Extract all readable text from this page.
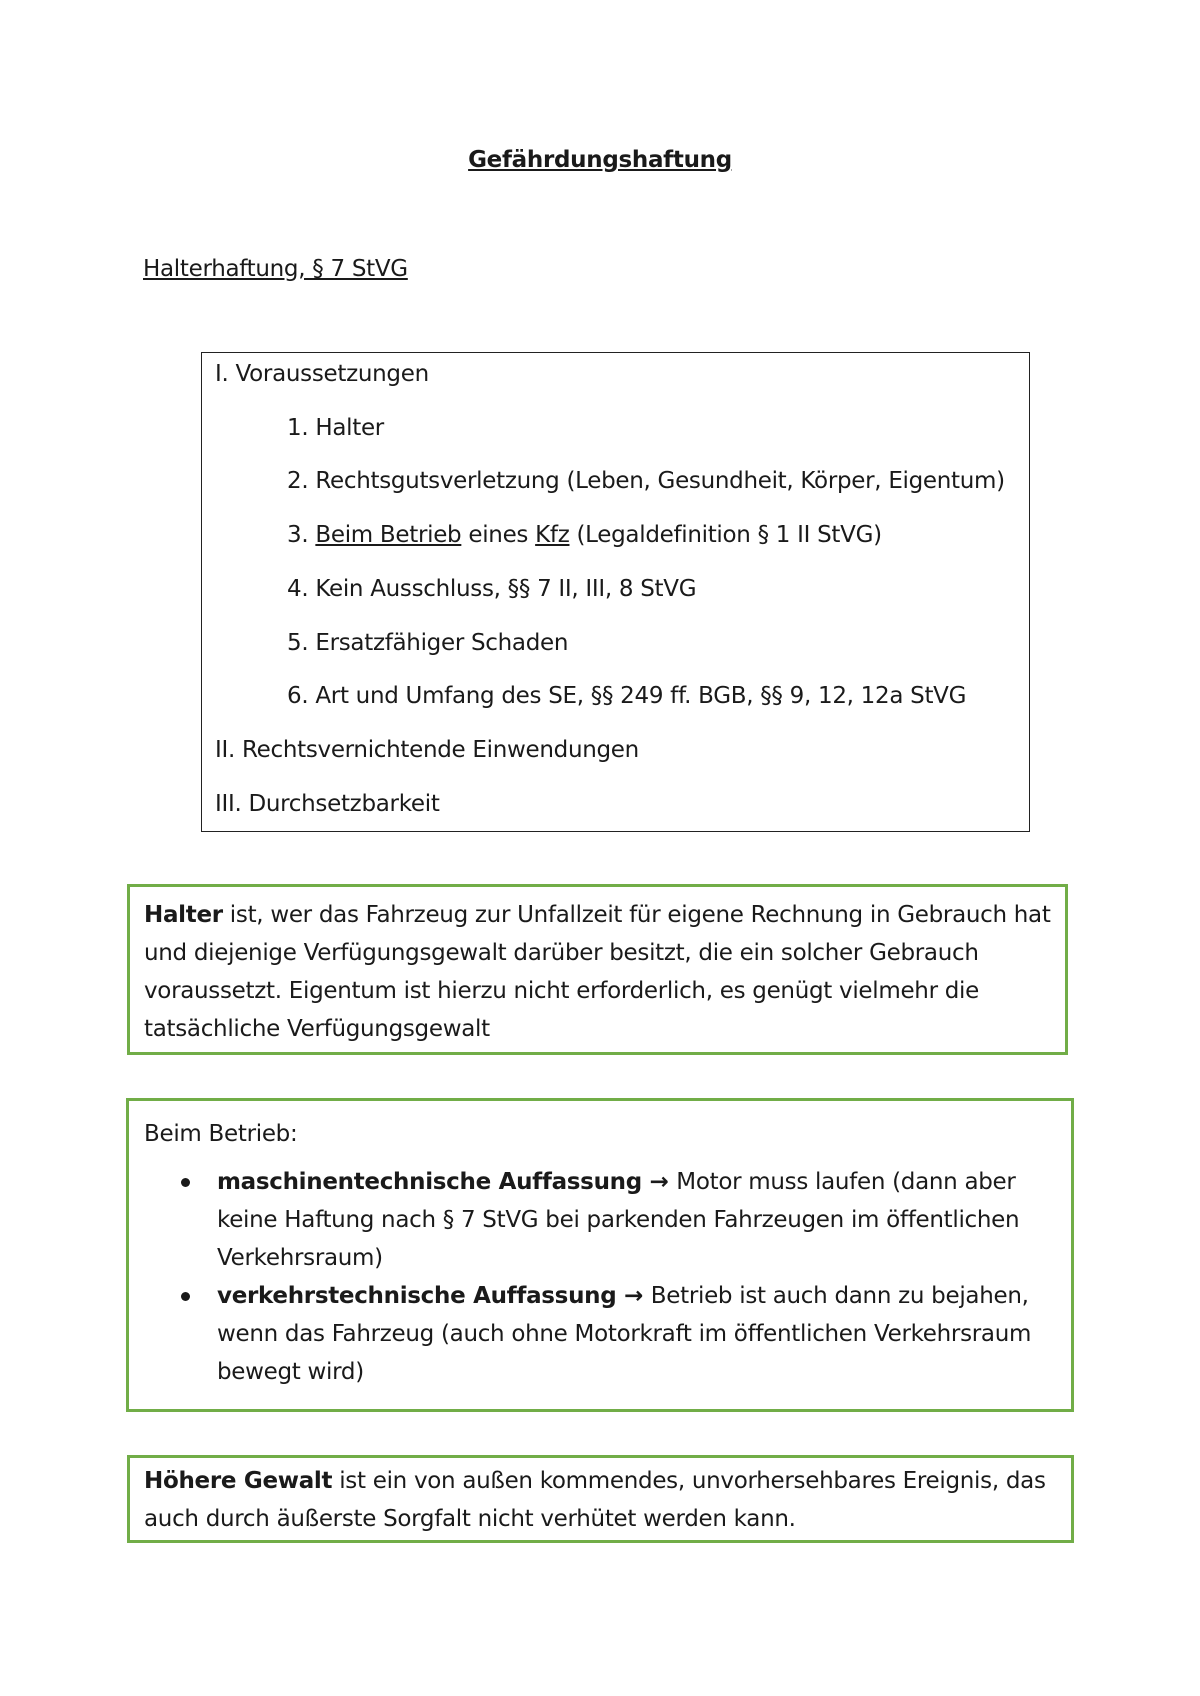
Gefährdungshaftung
Halterhaftung, § 7 StVG
I. Voraussetzungen
1. Halter
2. Rechtsgutsverletzung (Leben, Gesundheit, Körper, Eigentum)
3. Beim Betrieb eines Kfz (Legaldefinition § 1 II StVG)
4. Kein Ausschluss, §§ 7 II, III, 8 StVG
5. Ersatzfähiger Schaden
6. Art und Umfang des SE, §§ 249 ff. BGB, §§ 9, 12, 12a StVG
II. Rechtsvernichtende Einwendungen
III. Durchsetzbarkeit
Halter ist, wer das Fahrzeug zur Unfallzeit für eigene Rechnung in Gebrauch hat
und diejenige Verfügungsgewalt darüber besitzt, die ein solcher Gebrauch
voraussetzt. Eigentum ist hierzu nicht erforderlich, es genügt vielmehr die
tatsächliche Verfügungsgewalt
Beim Betrieb:
maschinentechnische Auffassung → Motor muss laufen (dann aber
keine Haftung nach § 7 StVG bei parkenden Fahrzeugen im öffentlichen
Verkehrsraum)
verkehrstechnische Auffassung → Betrieb ist auch dann zu bejahen,
wenn das Fahrzeug (auch ohne Motorkraft im öffentlichen Verkehrsraum
bewegt wird)
Höhere Gewalt ist ein von außen kommendes, unvorhersehbares Ereignis, das
auch durch äußerste Sorgfalt nicht verhütet werden kann.
